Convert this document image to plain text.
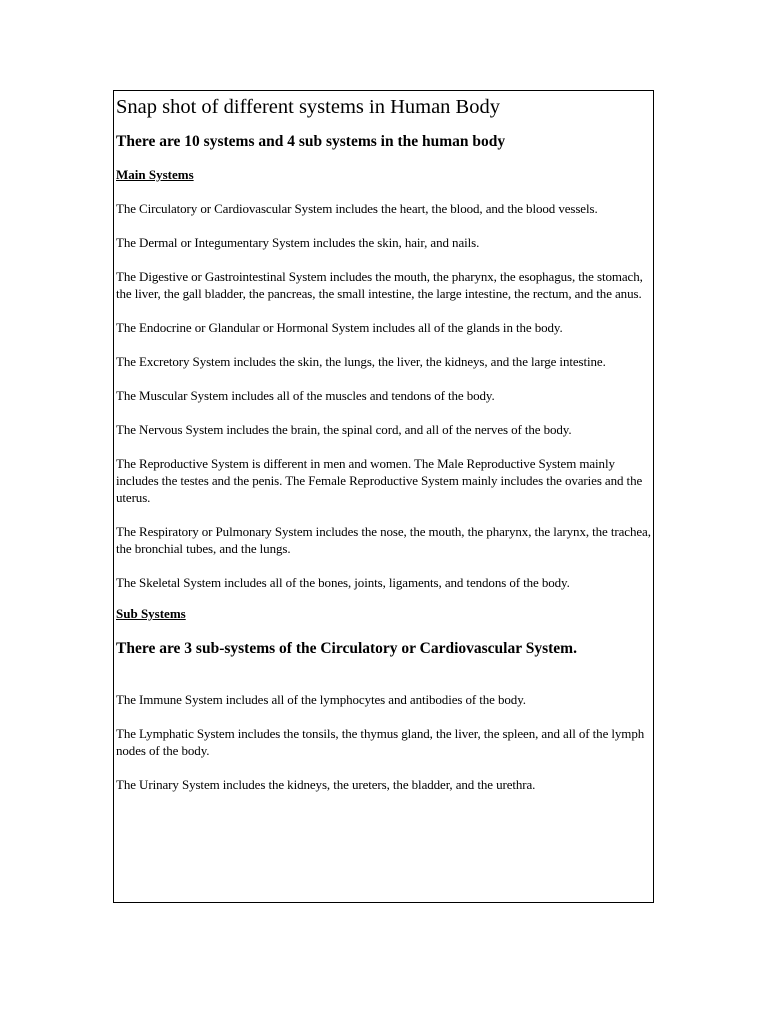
Snap shot of different systems in Human Body
There are 10 systems and 4 sub systems in the human body
Main Systems

The Circulatory or Cardiovascular System includes the heart, the blood, and the blood vessels.

The Dermal or Integumentary System includes the skin, hair, and nails.

The Digestive or Gastrointestinal System includes the mouth, the pharynx, the esophagus, the stomach, the liver, the gall bladder, the pancreas, the small intestine, the large intestine, the rectum, and the anus.

The Endocrine or Glandular or Hormonal System includes all of the glands in the body.

The Excretory System includes the skin, the lungs, the liver, the kidneys, and the large intestine.

The Muscular System includes all of the muscles and tendons of the body.

The Nervous System includes the brain, the spinal cord, and all of the nerves of the body.

The Reproductive System is different in men and women. The Male Reproductive System mainly includes the testes and the penis. The Female Reproductive System mainly includes the ovaries and the uterus.

The Respiratory or Pulmonary System includes the nose, the mouth, the pharynx, the larynx, the trachea, the bronchial tubes, and the lungs.

The Skeletal System includes all of the bones, joints, ligaments, and tendons of the body.

Sub Systems
There are 3 sub-systems of the Circulatory or Cardiovascular System.

The Immune System includes all of the lymphocytes and antibodies of the body.

The Lymphatic System includes the tonsils, the thymus gland, the liver, the spleen, and all of the lymph nodes of the body.

The Urinary System includes the kidneys, the ureters, the bladder, and the urethra.
